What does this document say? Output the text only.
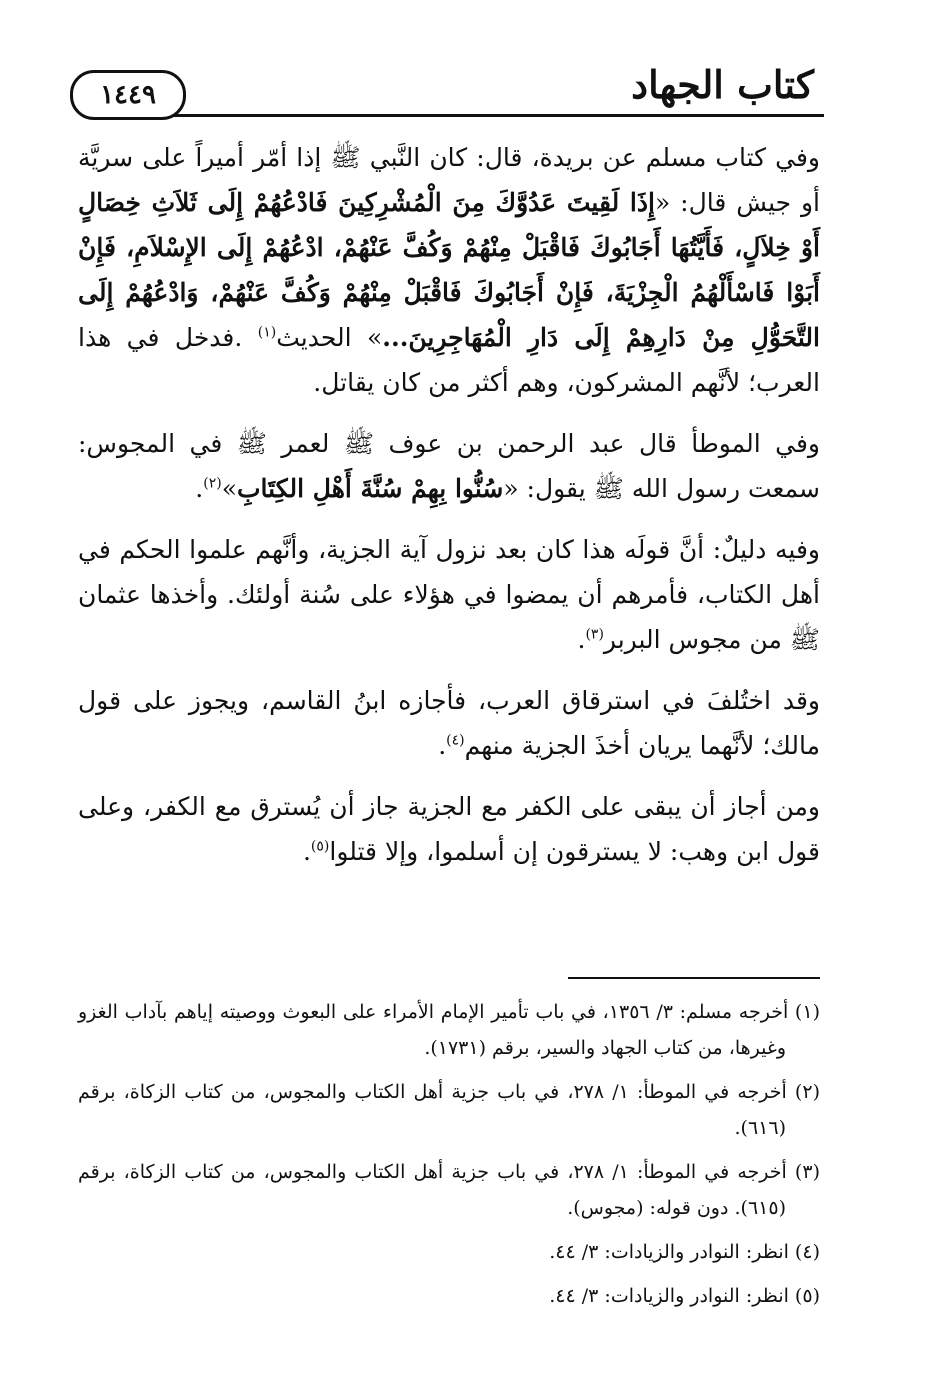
كتاب الجهاد
١٤٤٩

وفي كتاب مسلم عن بريدة، قال: كان النَّبي ﷺ إذا أمّر أميراً على سريَّة أو جيش قال: «إِذَا لَقِيتَ عَدُوَّكَ مِنَ الْمُشْرِكِينَ فَادْعُهُمْ إِلَى ثَلاَثِ خِصَالٍ أَوْ خِلاَلٍ، فَأَيَّتُهَا أَجَابُوكَ فَاقْبَلْ مِنْهُمْ وَكُفَّ عَنْهُمْ، ادْعُهُمْ إِلَى الإِسْلاَمِ، فَإِنْ أَبَوْا فَاسْأَلْهُمُ الْجِزْيَةَ، فَإِنْ أَجَابُوكَ فَاقْبَلْ مِنْهُمْ وَكُفَّ عَنْهُمْ، وَادْعُهُمْ إِلَى التَّحَوُّلِ مِنْ دَارِهِمْ إِلَى دَارِ الْمُهَاجِرِينَ...» الحديث$^{(١)}$ .فدخل في هذا العرب؛ لأنَّهم المشركون، وهم أكثر من كان يقاتل.

وفي الموطأ قال عبد الرحمن بن عوف ﷺ لعمر ﷺ في المجوس: سمعت رسول الله ﷺ يقول: «سُنُّوا بِهِمْ سُنَّةَ أَهْلِ الكِتَابِ»$^{(٢)}$.

وفيه دليلٌ: أنَّ قولَه هذا كان بعد نزول آية الجزية، وأنَّهم علموا الحكم في أهل الكتاب، فأمرهم أن يمضوا في هؤلاء على سُنة أولئك. وأخذها عثمان ﷺ من مجوس البربر$^{(٣)}$.

وقد اختُلفَ في استرقاق العرب، فأجازه ابنُ القاسم، ويجوز على قول مالك؛ لأنَّهما يريان أخذَ الجزية منهم$^{(٤)}$.

ومن أجاز أن يبقى على الكفر مع الجزية جاز أن يُسترق مع الكفر، وعلى قول ابن وهب: لا يسترقون إن أسلموا، وإلا قتلوا$^{(٥)}$.

(١) أخرجه مسلم: ٣/ ١٣٥٦، في باب تأمير الإمام الأمراء على البعوث ووصيته إياهم بآداب الغزو وغيرها، من كتاب الجهاد والسير، برقم (١٧٣١).

(٢) أخرجه في الموطأ: ١/ ٢٧٨، في باب جزية أهل الكتاب والمجوس، من كتاب الزكاة، برقم (٦١٦).

(٣) أخرجه في الموطأ: ١/ ٢٧٨، في باب جزية أهل الكتاب والمجوس، من كتاب الزكاة، برقم (٦١٥). دون قوله: (مجوس).

(٤) انظر: النوادر والزيادات: ٣/ ٤٤.

(٥) انظر: النوادر والزيادات: ٣/ ٤٤.
